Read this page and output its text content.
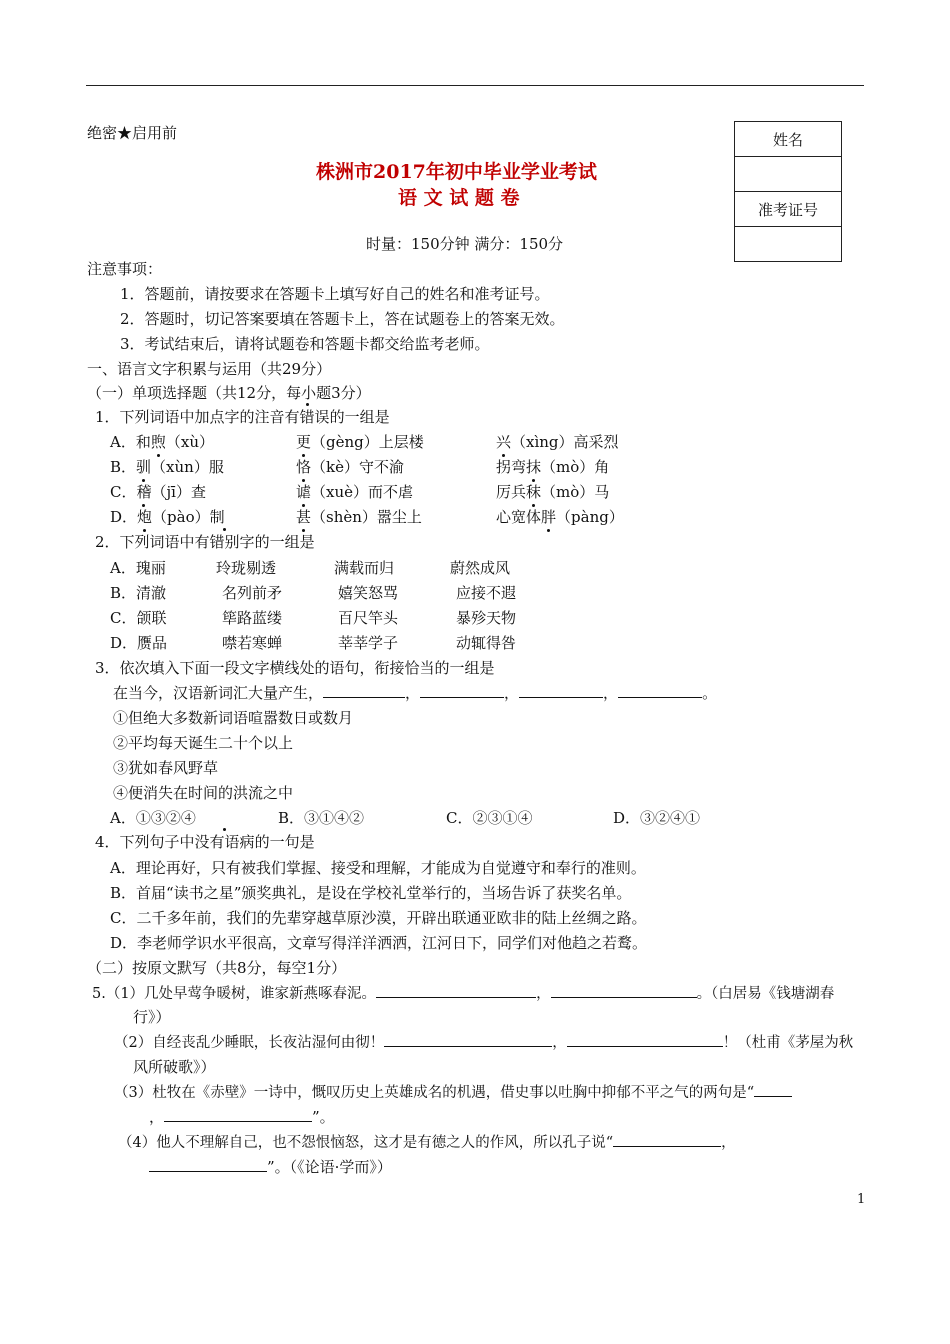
绝密★启用前	姓名

准考证号

株洲市2017年初中毕业学业考试
语 文 试 题 卷
时量：150分钟 满分：150分
注意事项：
1．答题前，请按要求在答题卡上填写好自己的姓名和准考证号。
2．答题时，切记答案要填在答题卡上，答在试题卷上的答案无效。
3．考试结束后，请将试题卷和答题卡都交给监考老师。
一、语言文字积累与运用（共29分）
（一）单项选择题（共12分，每小题3分）
1．下列词语中加点字的注音有错误的一组是
A．和煦（xù）	更（gèng）上层楼	兴（xìng）高采烈
B．驯（xùn）服	恪（kè）守不渝	拐弯抹（mò）角
C．稽（jī）查	谑（xuè）而不虐	厉兵秣（mò）马
D．炮（pào）制	甚（shèn）嚣尘上	心宽体胖（pàng）
2．下列词语中有错别字的一组是
A．瑰丽	玲珑剔透	满载而归	蔚然成风
B．清澈	名列前矛	嬉笑怒骂	应接不遐
C．颌联	筚路蓝缕	百尺竿头	暴殄天物
D．赝品	噤若寒蝉	莘莘学子	动辄得咎
3．依次填入下面一段文字横线处的语句，衔接恰当的一组是
在当今，汉语新词汇大量产生，	，	，	，	。
①但绝大多数新词语喧嚣数日或数月
②平均每天诞生二十个以上
③犹如春风野草
④便消失在时间的洪流之中
A．①③②④	B．③①④②	C．②③①④	D．③②④①
4．下列句子中没有语病的一句是
A．理论再好，只有被我们掌握、接受和理解，才能成为自觉遵守和奉行的准则。
B．首届“读书之星”颁奖典礼，是设在学校礼堂举行的，当场告诉了获奖名单。
C．二千多年前，我们的先辈穿越草原沙漠，开辟出联通亚欧非的陆上丝绸之路。
D．李老师学识水平很高，文章写得洋洋洒洒，江河日下，同学们对他趋之若鹜。
（二）按原文默写（共8分，每空1分）
5.（1）几处早莺争暖树，谁家新燕啄春泥。	，	。（白居易《钱塘湖春
行》）
（2）自经丧乱少睡眠，长夜沾湿何由彻！	，	！（杜甫《茅屋为秋
风所破歌》）
（3）杜牧在《赤壁》一诗中，慨叹历史上英雄成名的机遇，借史事以吐胸中抑郁不平之气的两句是“
，	”。
（4）他人不理解自己，也不怨恨恼怒，这才是有德之人的作风，所以孔子说“	，
”。（《论语·学而》）
1
